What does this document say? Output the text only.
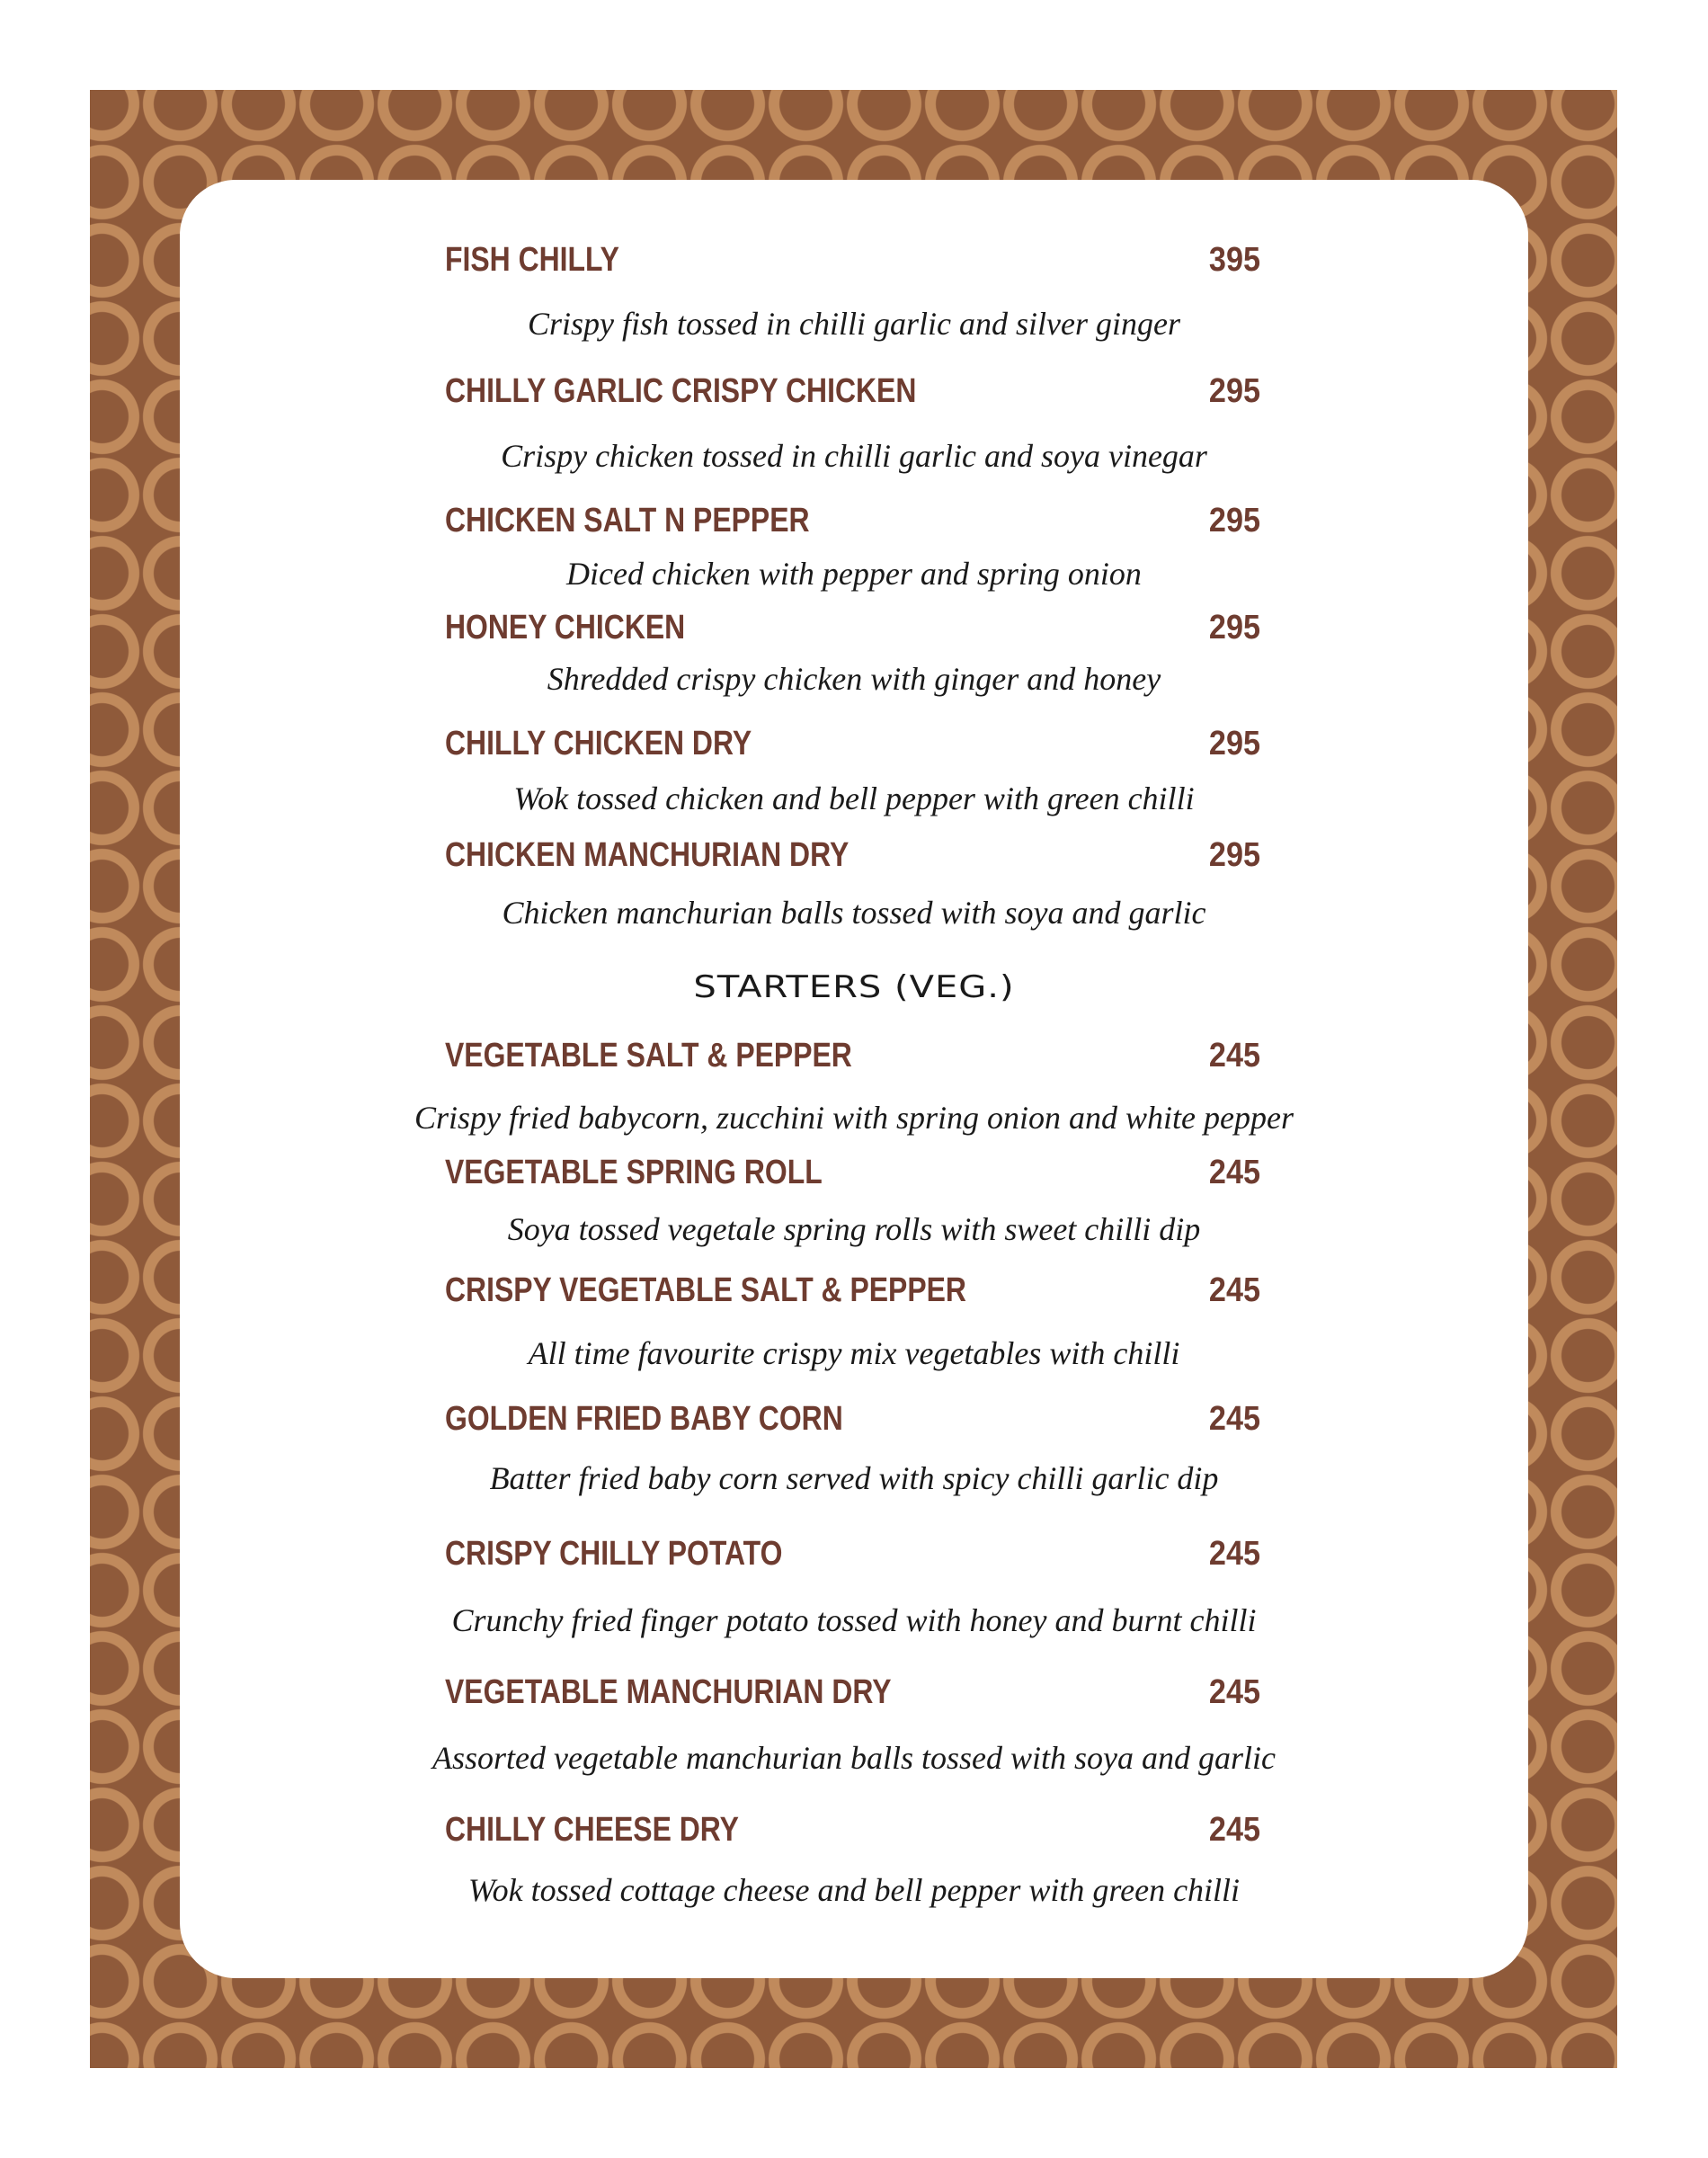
FISH CHILLY	395
Crispy fish tossed in chilli garlic and silver ginger
CHILLY GARLIC CRISPY CHICKEN	295
Crispy chicken tossed in chilli garlic and soya vinegar
CHICKEN SALT N PEPPER	295
Diced chicken with pepper and spring onion
HONEY CHICKEN	295
Shredded crispy chicken with ginger and honey
CHILLY CHICKEN DRY	295
Wok tossed chicken and bell pepper with green chilli
CHICKEN MANCHURIAN DRY	295
Chicken manchurian balls tossed with soya and garlic
STARTERS (VEG.)
VEGETABLE SALT & PEPPER	245
Crispy fried babycorn, zucchini with spring onion and white pepper
VEGETABLE SPRING ROLL	245
Soya tossed vegetale spring rolls with sweet chilli dip
CRISPY VEGETABLE SALT & PEPPER	245
All time favourite crispy mix vegetables with chilli
GOLDEN FRIED BABY CORN	245
Batter fried baby corn served with spicy chilli garlic dip
CRISPY CHILLY POTATO	245
Crunchy fried finger potato tossed with honey and burnt chilli
VEGETABLE MANCHURIAN DRY	245
Assorted vegetable manchurian balls tossed with soya and garlic
CHILLY CHEESE DRY	245
Wok tossed cottage cheese and bell pepper with green chilli
